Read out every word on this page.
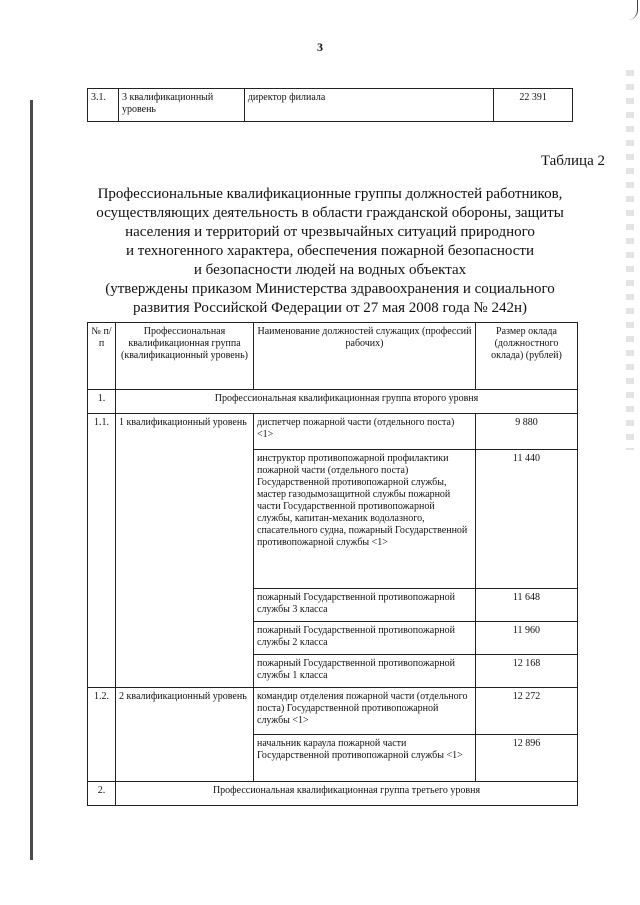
3
3.1.	3 квалификационный уровень	директор филиала	22 391
Таблица 2
Профессиональные квалификационные группы должностей работников,
осуществляющих деятельность в области гражданской обороны, защиты
населения и территорий от чрезвычайных ситуаций природного
и техногенного характера, обеспечения пожарной безопасности
и безопасности людей на водных объектах
(утверждены приказом Министерства здравоохранения и социального
развития Российской Федерации от 27 мая 2008 года № 242н)
№ п/п	Профессиональная квалификационная группа (квалификационный уровень)	Наименование должностей служащих (профессий рабочих)	Размер оклада (должностного оклада) (рублей)
1.	Профессиональная квалификационная группа второго уровня		
1.1.	1 квалификационный уровень	диспетчер пожарной части (отдельного поста) <1>	9 880
		инструктор противопожарной профилактики пожарной части (отдельного поста) Государственной противопожарной службы, мастер газодымозащитной службы пожарной части Государственной противопожарной службы, капитан-механик водолазного, спасательного судна, пожарный Государственной противопожарной службы <1>	11 440
		пожарный Государственной противопожарной службы 3 класса	11 648
		пожарный Государственной противопожарной службы 2 класса	11 960
		пожарный Государственной противопожарной службы 1 класса	12 168
1.2.	2 квалификационный уровень	командир отделения пожарной части (отдельного поста) Государственной противопожарной службы <1>	12 272
		начальник караула пожарной части Государственной противопожарной службы <1>	12 896
2.	Профессиональная квалификационная группа третьего уровня		
